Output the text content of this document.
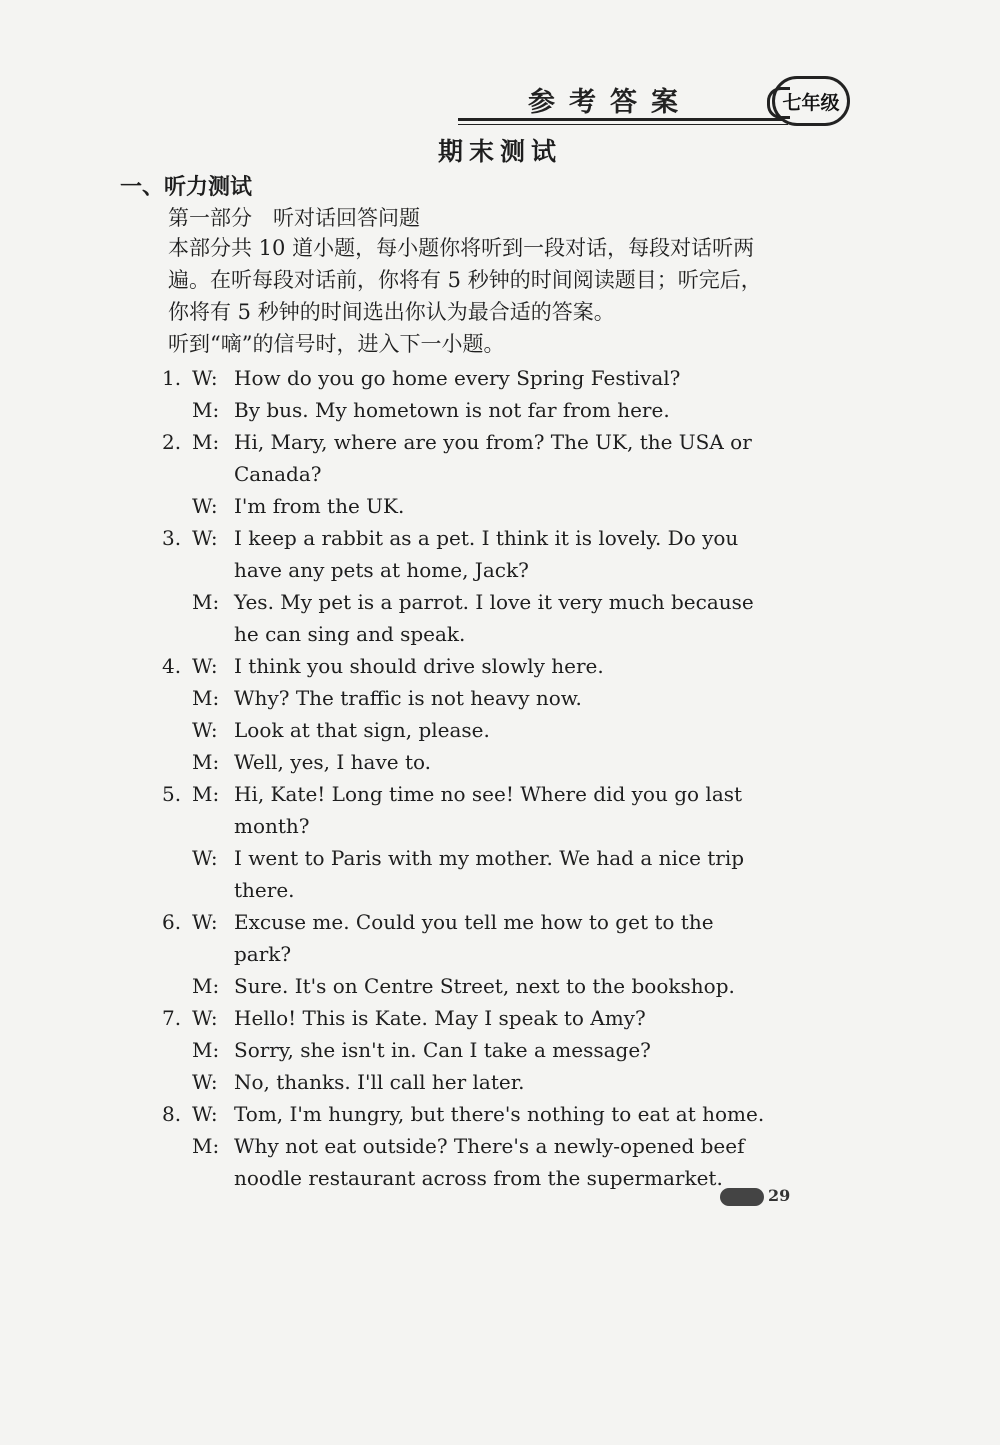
参考答案	七年级
期末测试
一、听力测试
第一部分　听对话回答问题
本部分共 10 道小题，每小题你将听到一段对话，每段对话听两
遍。在听每段对话前，你将有 5 秒钟的时间阅读题目；听完后，
你将有 5 秒钟的时间选出你认为最合适的答案。
听到“嘀”的信号时，进入下一小题。
1. W: How do you go home every Spring Festival?
M: By bus. My hometown is not far from here.
2. M: Hi, Mary, where are you from? The UK, the USA or Canada?
W: I'm from the UK.
3. W: I keep a rabbit as a pet. I think it is lovely. Do you have any pets at home, Jack?
M: Yes. My pet is a parrot. I love it very much because he can sing and speak.
4. W: I think you should drive slowly here.
M: Why? The traffic is not heavy now.
W: Look at that sign, please.
M: Well, yes, I have to.
5. M: Hi, Kate! Long time no see! Where did you go last month?
W: I went to Paris with my mother. We had a nice trip there.
6. W: Excuse me. Could you tell me how to get to the park?
M: Sure. It's on Centre Street, next to the bookshop.
7. W: Hello! This is Kate. May I speak to Amy?
M: Sorry, she isn't in. Can I take a message?
W: No, thanks. I'll call her later.
8. W: Tom, I'm hungry, but there's nothing to eat at home.
M: Why not eat outside? There's a newly-opened beef noodle restaurant across from the supermarket.
29
